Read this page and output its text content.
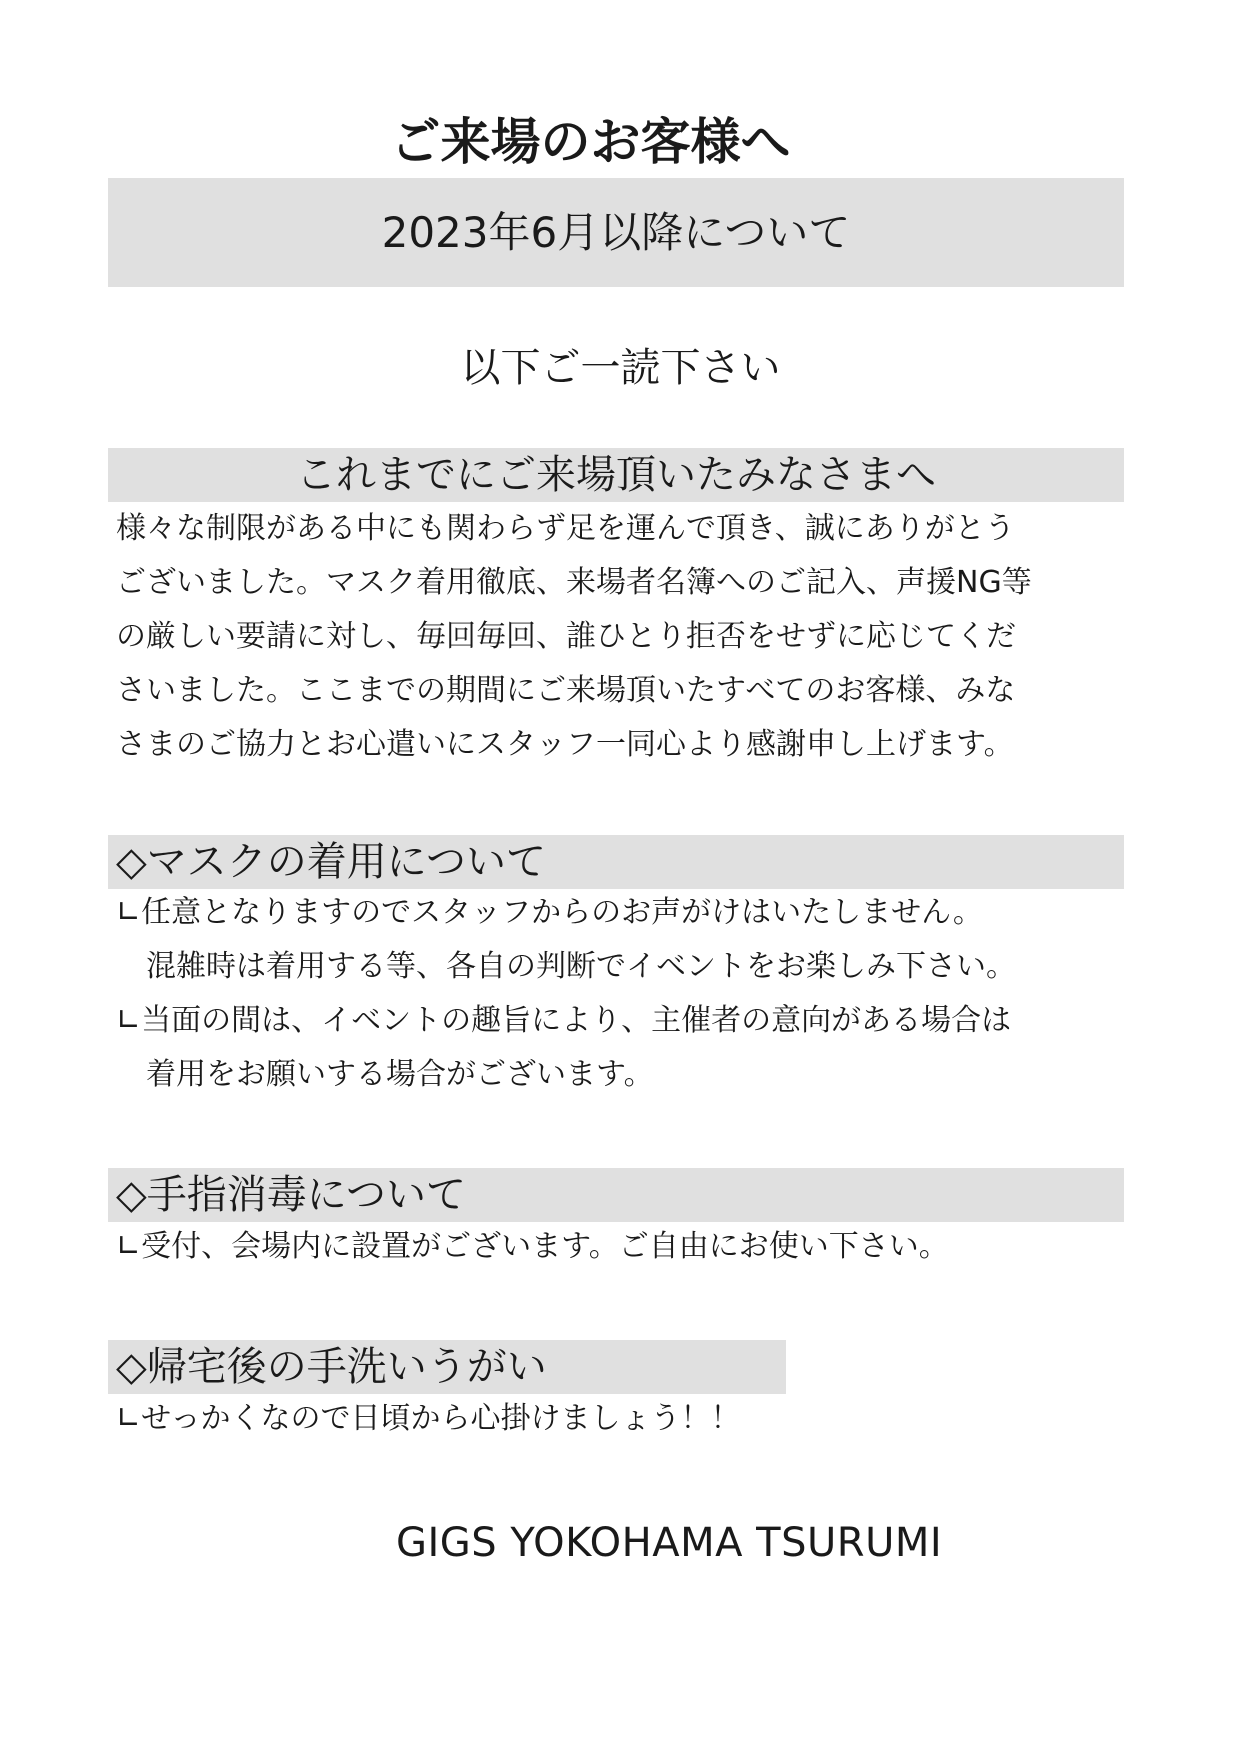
ご来場のお客様へ
2023年6月以降について
以下ご一読下さい
これまでにご来場頂いたみなさまへ
様々な制限がある中にも関わらず足を運んで頂き、誠にありがとう
ございました。マスク着用徹底、来場者名簿へのご記入、声援NG等
の厳しい要請に対し、毎回毎回、誰ひとり拒否をせずに応じてくだ
さいました。ここまでの期間にご来場頂いたすべてのお客様、みな
さまのご協力とお心遣いにスタッフ一同心より感謝申し上げます。
◇マスクの着用について
∟任意となりますのでスタッフからのお声がけはいたしません。
　混雑時は着用する等、各自の判断でイベントをお楽しみ下さい。
∟当面の間は、イベントの趣旨により、主催者の意向がある場合は
　着用をお願いする場合がございます。
◇手指消毒について
∟受付、会場内に設置がございます。ご自由にお使い下さい。
◇帰宅後の手洗いうがい
∟せっかくなので日頃から心掛けましょう！！
GIGS YOKOHAMA TSURUMI
